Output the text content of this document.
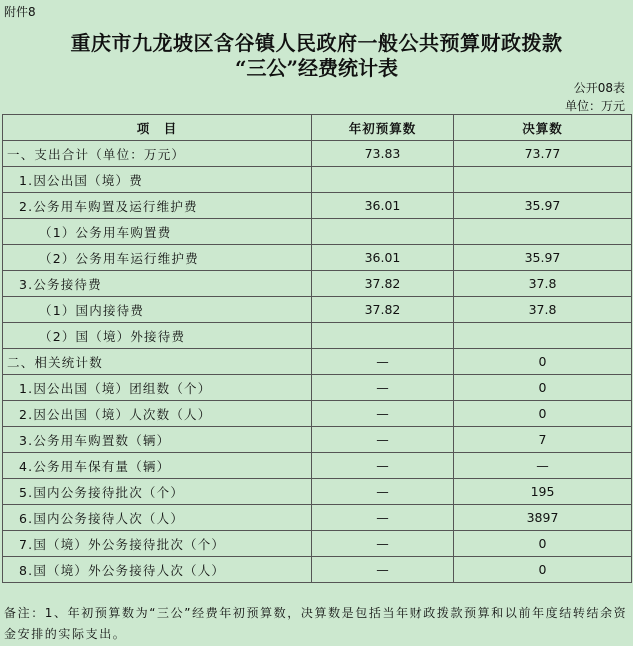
附件8
重庆市九龙坡区含谷镇人民政府一般公共预算财政拨款
“三公”经费统计表
公开08表
单位：万元
项　目	年初预算数	决算数
一、支出合计（单位：万元）	73.83	73.77
1.因公出国（境）费		
2.公务用车购置及运行维护费	36.01	35.97
（1）公务用车购置费		
（2）公务用车运行维护费	36.01	35.97
3.公务接待费	37.82	37.8
（1）国内接待费	37.82	37.8
（2）国（境）外接待费		
二、相关统计数	—	0
1.因公出国（境）团组数（个）	—	0
2.因公出国（境）人次数（人）	—	0
3.公务用车购置数（辆）	—	7
4.公务用车保有量（辆）	—	—
5.国内公务接待批次（个）	—	195
6.国内公务接待人次（人）	—	3897
7.国（境）外公务接待批次（个）	—	0
8.国（境）外公务接待人次（人）	—	0
备注：1、年初预算数为“三公”经费年初预算数，决算数是包括当年财政拨款预算和以前年度结转结余资金安排的实际支出。
